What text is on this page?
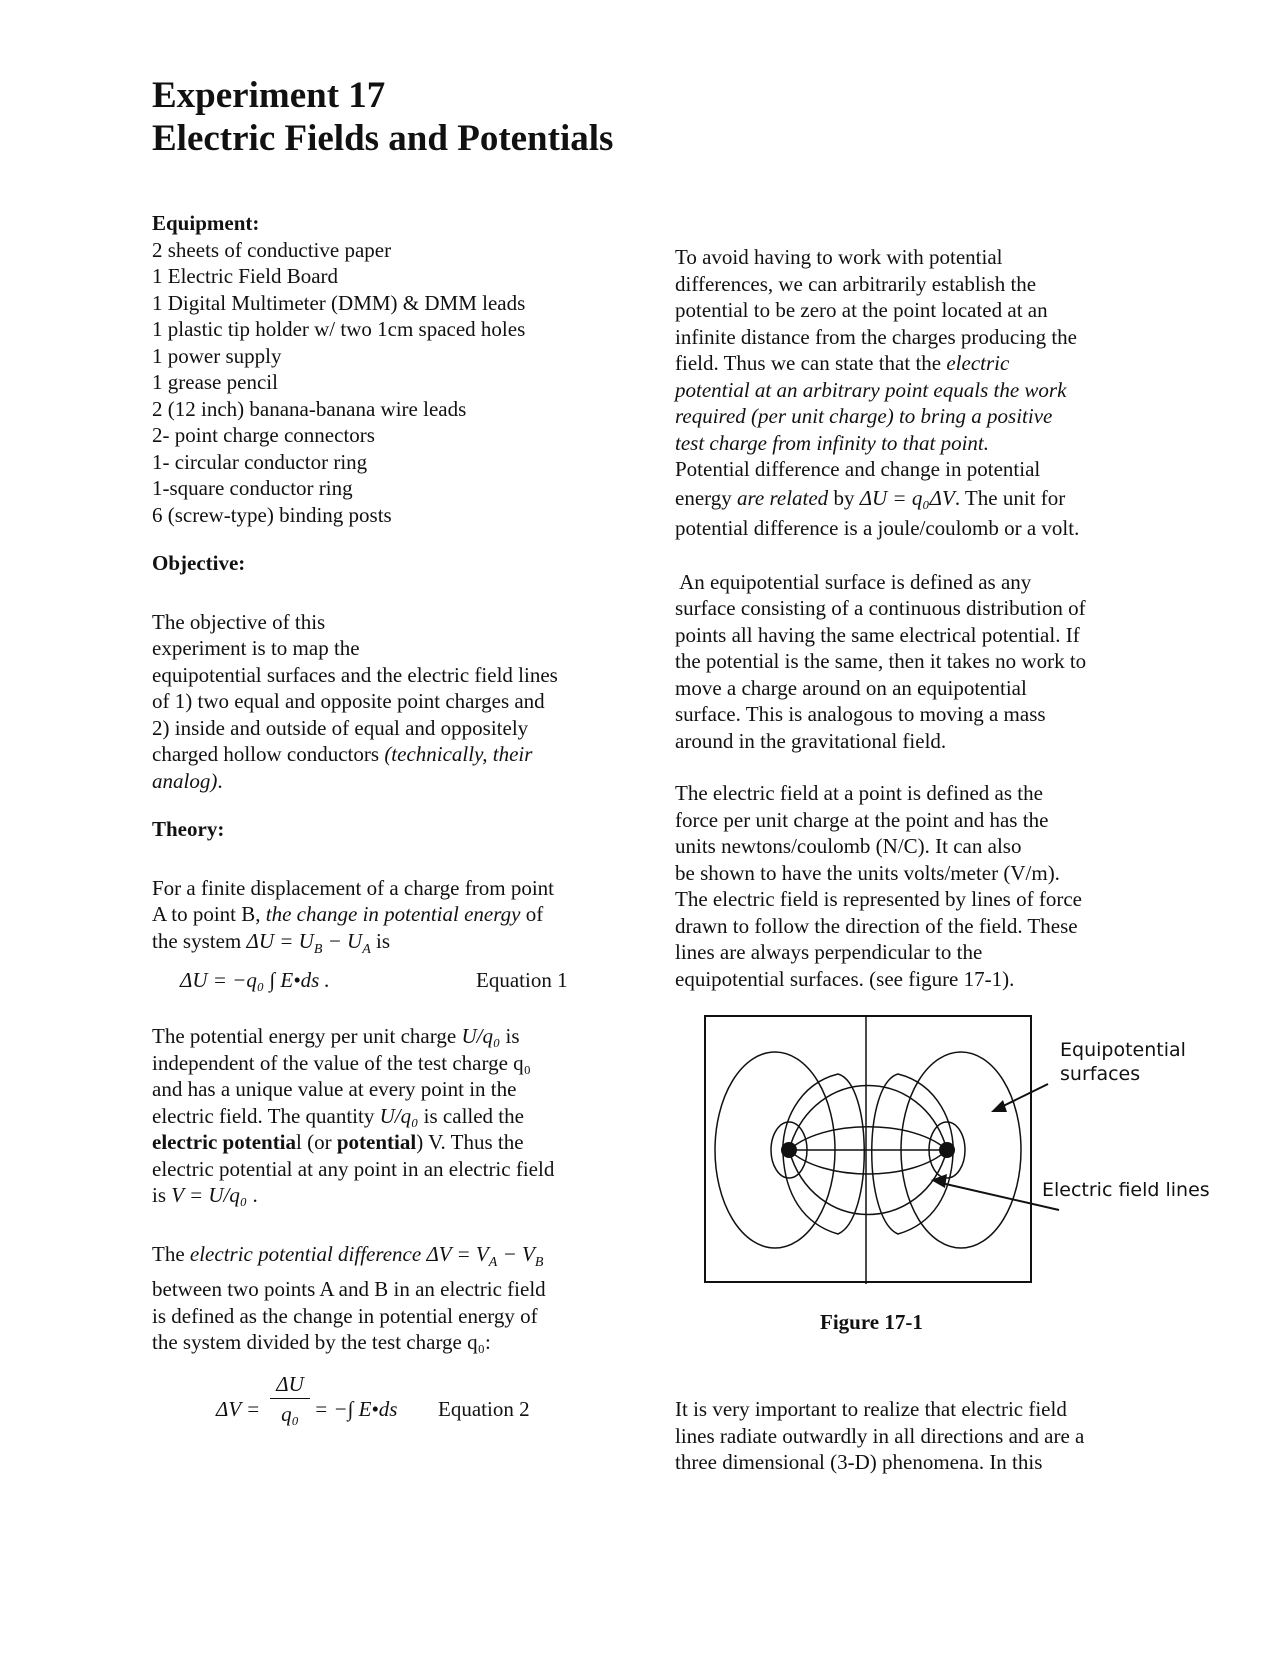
Experiment 17
Electric Fields and Potentials
Equipment:
2 sheets of conductive paper
1 Electric Field Board
1 Digital Multimeter (DMM) & DMM leads
1 plastic tip holder w/ two 1cm spaced holes
1 power supply
1 grease pencil
2 (12 inch) banana-banana wire leads
2- point charge connectors
1- circular conductor ring
1-square conductor ring
6 (screw-type) binding posts
Objective:
The objective of this
experiment is to map the
equipotential surfaces and the electric field lines
of 1) two equal and opposite point charges and
2) inside and outside of equal and oppositely
charged hollow conductors (technically, their
analog).
Theory:
For a finite displacement of a charge from point
A to point B, the change in potential energy of
the system $\Delta U = U_B - U_A$ is
ΔU = −q₀ ∫ E•ds .	Equation 1
The potential energy per unit charge U/q₀ is
independent of the value of the test charge q₀
and has a unique value at every point in the
electric field. The quantity U/q₀ is called the
electric potential (or potential) V. Thus the
electric potential at any point in an electric field
is V = U/q₀ .
The electric potential difference $\Delta V = V_A - V_B$
between two points A and B in an electric field
is defined as the change in potential energy of
the system divided by the test charge q₀:
$\Delta V = \frac{\Delta U}{\text{q₀}}$ = −∫ E•ds Equation 2
To avoid having to work with potential
differences, we can arbitrarily establish the
potential to be zero at the point located at an
infinite distance from the charges producing the
field. Thus we can state that the electric
potential at an arbitrary point equals the work
required (per unit charge) to bring a positive
test charge from infinity to that point.
Potential difference and change in potential
energy are related by ΔU = q₀ΔV. The unit for
potential difference is a joule/coulomb or a volt.
An equipotential surface is defined as any
surface consisting of a continuous distribution of
points all having the same electrical potential. If
the potential is the same, then it takes no work to
move a charge around on an equipotential
surface. This is analogous to moving a mass
around in the gravitational field.
The electric field at a point is defined as the
force per unit charge at the point and has the
units newtons/coulomb (N/C). It can also
be shown to have the units volts/meter (V/m).
The electric field is represented by lines of force
drawn to follow the direction of the field. These
lines are always perpendicular to the
equipotential surfaces. (see figure 17-1).
Equipotential
surfaces
Electric field lines
Figure 17-1
It is very important to realize that electric field
lines radiate outwardly in all directions and are a
three dimensional (3-D) phenomena. In this
